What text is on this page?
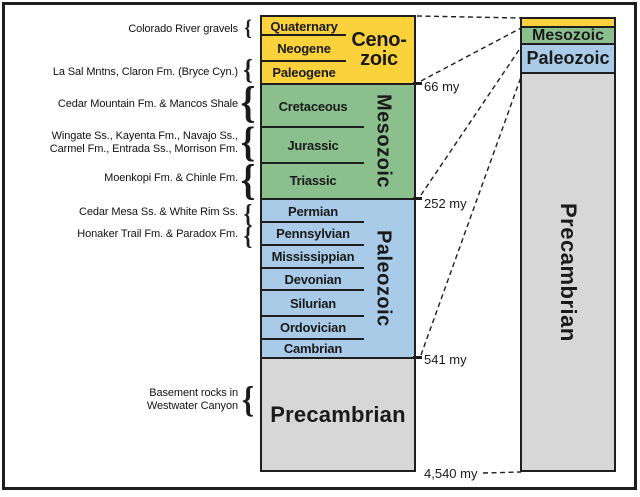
Colorado River gravels
La Sal Mntns, Claron Fm. (Bryce Cyn.)
Cedar Mountain Fm. & Mancos Shale
Wingate Ss., Kayenta Fm., Navajo Ss.,
Carmel Fm., Entrada Ss., Morrison Fm.
Moenkopi Fm. & Chinle Fm.
Cedar Mesa Ss. & White Rim Ss.
Honaker Trail Fm. & Paradox Fm.
Basement rocks in
Westwater Canyon
{
{
{
{
{
{
{
{
Quaternary
Neogene
Paleogene
Ceno-
zoic
Cretaceous
Jurassic
Triassic Mesozoic
Permian
Pennsylvian
Mississippian
Devonian
Silurian
Ordovician
Cambrian
Paleozoic
Precambrian
66 my
252 my
541 my
4,540 my
Mesozoic
Paleozoic
Precambrian
